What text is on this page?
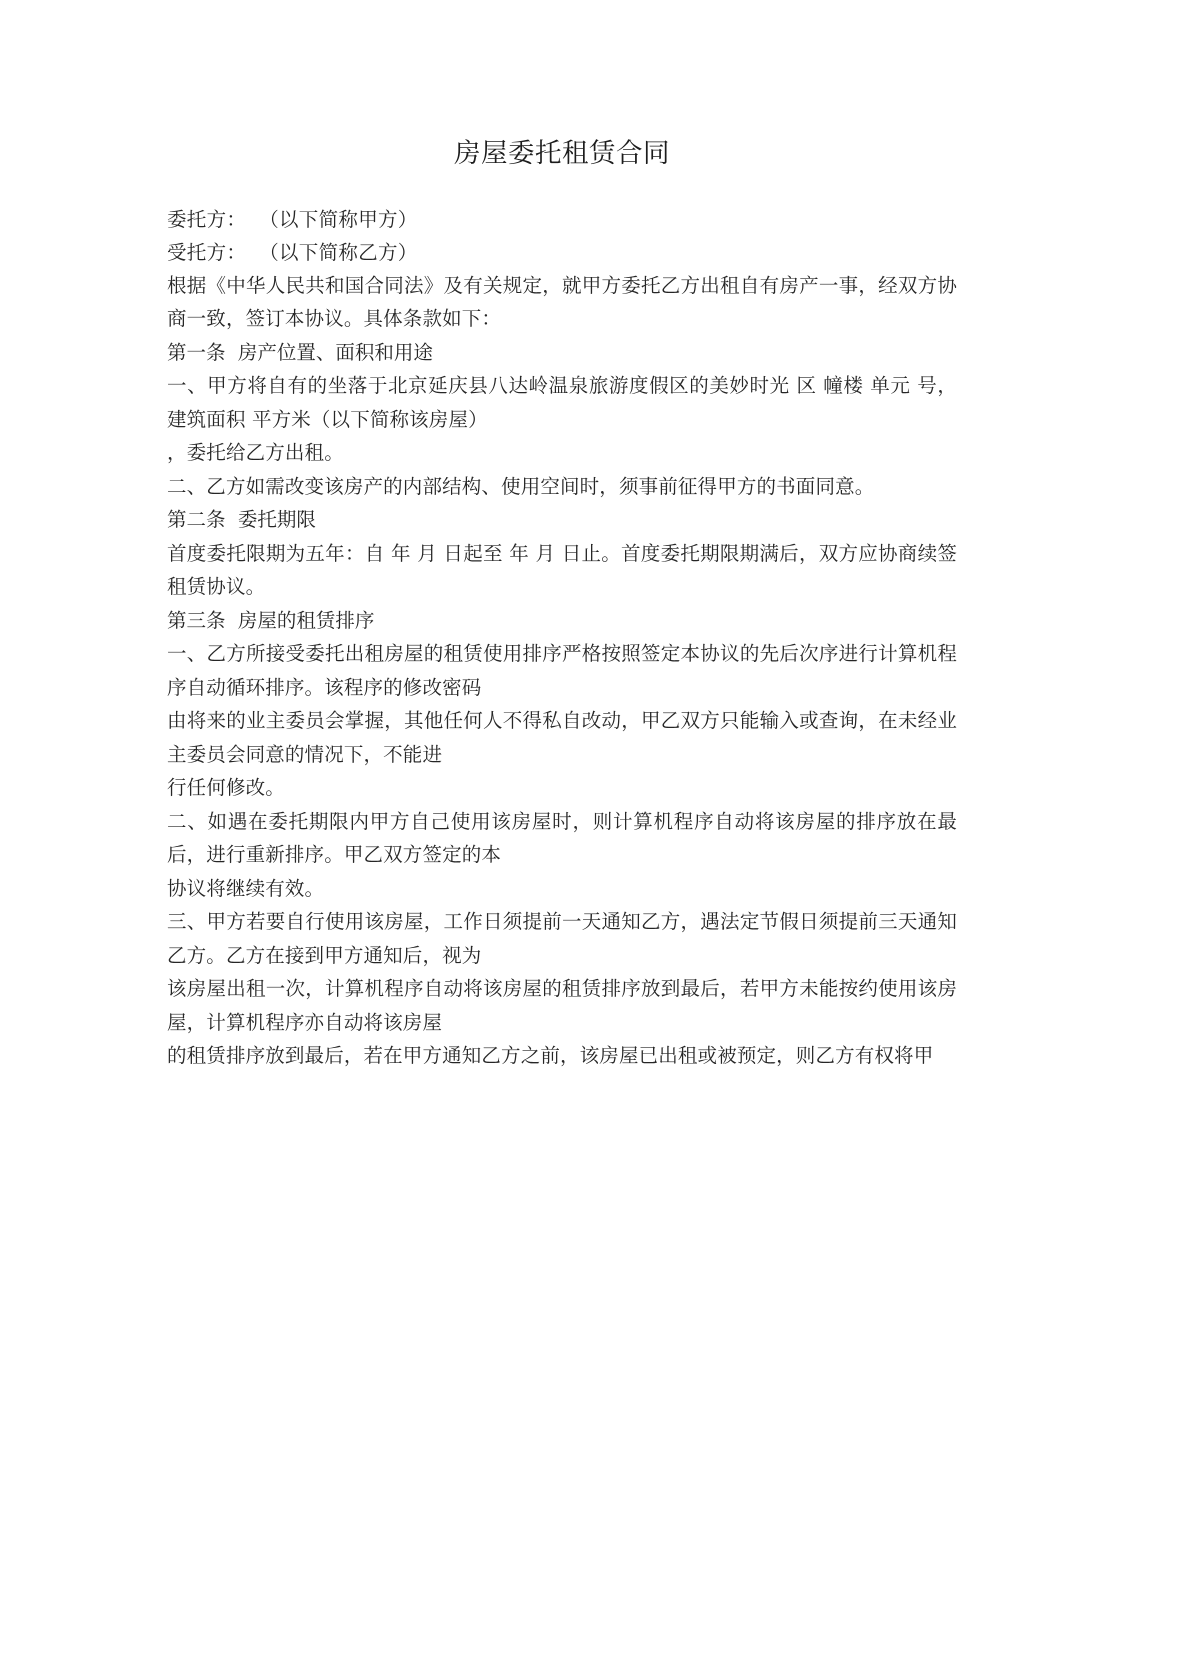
房屋委托租赁合同
委托方：  （以下简称甲方）
受托方：  （以下简称乙方）

根据《中华人民共和国合同法》及有关规定，就甲方委托乙方出租自有房产一事，经双方协商一致，签订本协议。具体条款如下：

第一条  房产位置、面积和用途

一、甲方将自有的坐落于北京延庆县八达岭温泉旅游度假区的美妙时光 区 幢楼 单元 号，建筑面积 平方米（以下简称该房屋）

，委托给乙方出租。

二、乙方如需改变该房产的内部结构、使用空间时，须事前征得甲方的书面同意。

第二条  委托期限

首度委托限期为五年：自 年 月 日起至 年 月 日止。首度委托期限期满后，双方应协商续签租赁协议。

第三条  房屋的租赁排序

一、乙方所接受委托出租房屋的租赁使用排序严格按照签定本协议的先后次序进行计算机程序自动循环排序。该程序的修改密码

由将来的业主委员会掌握，其他任何人不得私自改动，甲乙双方只能输入或查询，在未经业主委员会同意的情况下，不能进

行任何修改。

二、如遇在委托期限内甲方自己使用该房屋时，则计算机程序自动将该房屋的排序放在最后，进行重新排序。甲乙双方签定的本

协议将继续有效。

三、甲方若要自行使用该房屋，工作日须提前一天通知乙方，遇法定节假日须提前三天通知乙方。乙方在接到甲方通知后，视为

该房屋出租一次，计算机程序自动将该房屋的租赁排序放到最后，若甲方未能按约使用该房屋，计算机程序亦自动将该房屋

的租赁排序放到最后，若在甲方通知乙方之前，该房屋已出租或被预定，则乙方有权将甲
